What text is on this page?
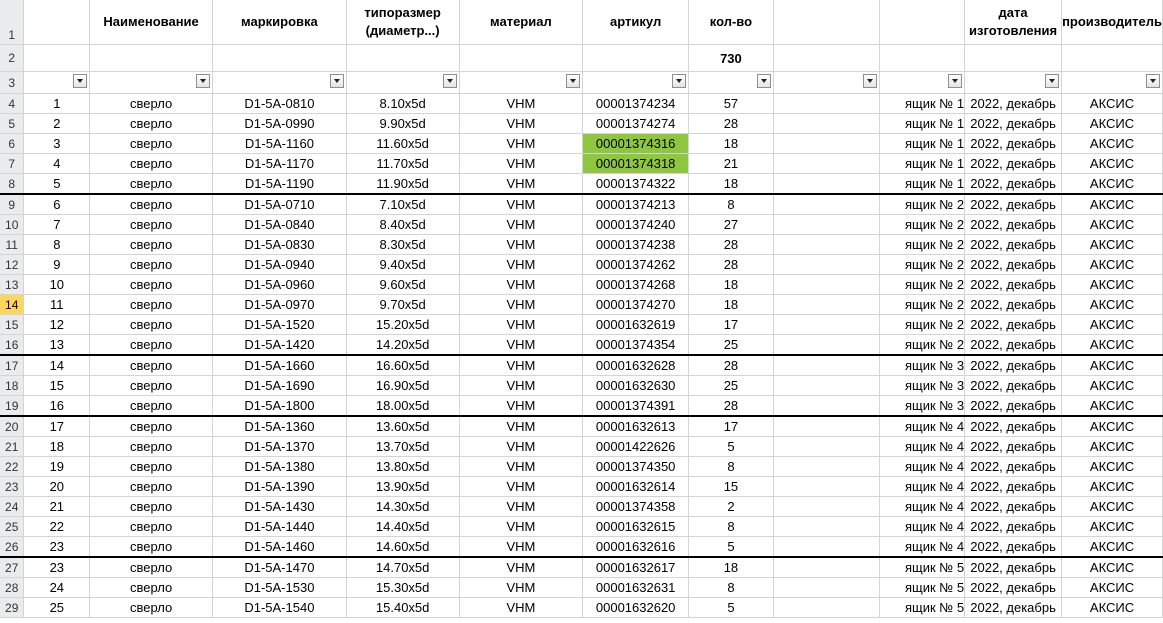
1		Наименование	маркировка	типоразмер (диаметр...)	материал	артикул	кол-во			дата изготовления	производитель
2							730				
3	

4	1	сверло	D1-5A-0810	8.10x5d	VHM	00001374234	57		ящик № 1	2022, декабрь	АКСИС
5	2	сверло	D1-5A-0990	9.90x5d	VHM	00001374274	28		ящик № 1	2022, декабрь	АКСИС
6	3	сверло	D1-5A-1160	11.60x5d	VHM	00001374316	18		ящик № 1	2022, декабрь	АКСИС
7	4	сверло	D1-5A-1170	11.70x5d	VHM	00001374318	21		ящик № 1	2022, декабрь	АКСИС
8	5	сверло	D1-5A-1190	11.90x5d	VHM	00001374322	18		ящик № 1	2022, декабрь	АКСИС
9	6	сверло	D1-5A-0710	7.10x5d	VHM	00001374213	8		ящик № 2	2022, декабрь	АКСИС
10	7	сверло	D1-5A-0840	8.40x5d	VHM	00001374240	27		ящик № 2	2022, декабрь	АКСИС
11	8	сверло	D1-5A-0830	8.30x5d	VHM	00001374238	28		ящик № 2	2022, декабрь	АКСИС
12	9	сверло	D1-5A-0940	9.40x5d	VHM	00001374262	28		ящик № 2	2022, декабрь	АКСИС
13	10	сверло	D1-5A-0960	9.60x5d	VHM	00001374268	18		ящик № 2	2022, декабрь	АКСИС
14	11	сверло	D1-5A-0970	9.70x5d	VHM	00001374270	18		ящик № 2	2022, декабрь	АКСИС
15	12	сверло	D1-5A-1520	15.20x5d	VHM	00001632619	17		ящик № 2	2022, декабрь	АКСИС
16	13	сверло	D1-5A-1420	14.20x5d	VHM	00001374354	25		ящик № 2	2022, декабрь	АКСИС
17	14	сверло	D1-5A-1660	16.60x5d	VHM	00001632628	28		ящик № 3	2022, декабрь	АКСИС
18	15	сверло	D1-5A-1690	16.90x5d	VHM	00001632630	25		ящик № 3	2022, декабрь	АКСИС
19	16	сверло	D1-5A-1800	18.00x5d	VHM	00001374391	28		ящик № 3	2022, декабрь	АКСИС
20	17	сверло	D1-5A-1360	13.60x5d	VHM	00001632613	17		ящик № 4	2022, декабрь	АКСИС
21	18	сверло	D1-5A-1370	13.70x5d	VHM	00001422626	5		ящик № 4	2022, декабрь	АКСИС
22	19	сверло	D1-5A-1380	13.80x5d	VHM	00001374350	8		ящик № 4	2022, декабрь	АКСИС
23	20	сверло	D1-5A-1390	13.90x5d	VHM	00001632614	15		ящик № 4	2022, декабрь	АКСИС
24	21	сверло	D1-5A-1430	14.30x5d	VHM	00001374358	2		ящик № 4	2022, декабрь	АКСИС
25	22	сверло	D1-5A-1440	14.40x5d	VHM	00001632615	8		ящик № 4	2022, декабрь	АКСИС
26	23	сверло	D1-5A-1460	14.60x5d	VHM	00001632616	5		ящик № 4	2022, декабрь	АКСИС
27	23	сверло	D1-5A-1470	14.70x5d	VHM	00001632617	18		ящик № 5	2022, декабрь	АКСИС
28	24	сверло	D1-5A-1530	15.30x5d	VHM	00001632631	8		ящик № 5	2022, декабрь	АКСИС
29	25	сверло	D1-5A-1540	15.40x5d	VHM	00001632620	5		ящик № 5	2022, декабрь	АКСИС
